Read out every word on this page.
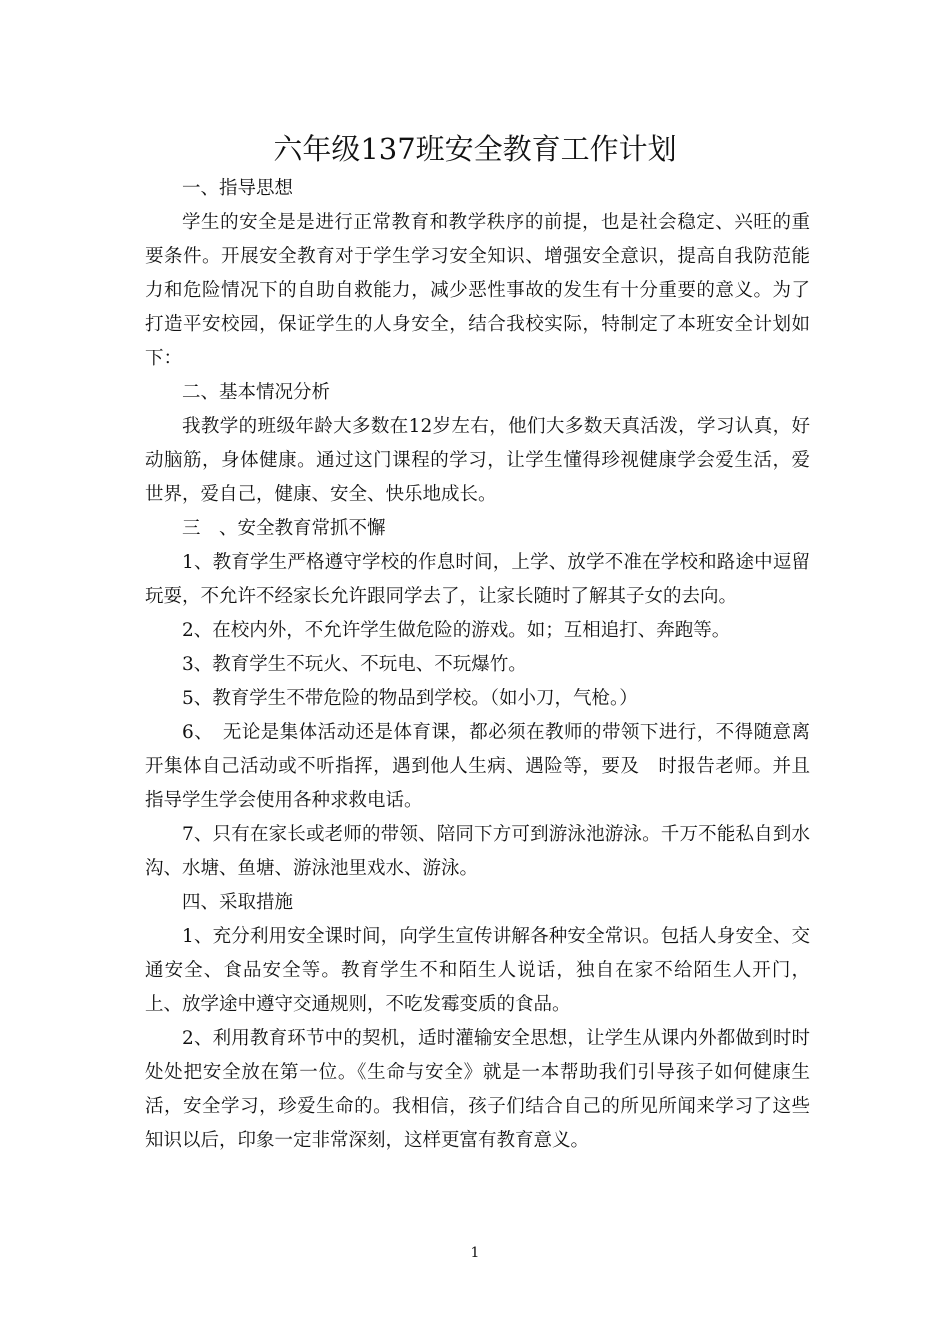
六年级137班安全教育工作计划

一、指导思想

学生的安全是是进行正常教育和教学秩序的前提，也是社会稳定、兴旺的重要条件。开展安全教育对于学生学习安全知识、增强安全意识，提高自我防范能力和危险情况下的自助自救能力，减少恶性事故的发生有十分重要的意义。为了打造平安校园，保证学生的人身安全，结合我校实际，特制定了本班安全计划如下：

二、基本情况分析

我教学的班级年龄大多数在12岁左右，他们大多数天真活泼，学习认真，好动脑筋，身体健康。通过这门课程的学习，让学生懂得珍视健康学会爱生活，爱世界，爱自己，健康、安全、快乐地成长。

三　、安全教育常抓不懈

1、教育学生严格遵守学校的作息时间，上学、放学不准在学校和路途中逗留玩耍，不允许不经家长允许跟同学去了，让家长随时了解其子女的去向。

2、在校内外，不允许学生做危险的游戏。如；互相追打、奔跑等。

3、教育学生不玩火、不玩电、不玩爆竹。

5、教育学生不带危险的物品到学校。（如小刀，气枪。）

6、　无论是集体活动还是体育课，都必须在教师的带领下进行，不得随意离开集体自己活动或不听指挥，遇到他人生病、遇险等，要及　时报告老师。并且指导学生学会使用各种求救电话。

7、只有在家长或老师的带领、陪同下方可到游泳池游泳。千万不能私自到水沟、水塘、鱼塘、游泳池里戏水、游泳。

四、采取措施

1、充分利用安全课时间，向学生宣传讲解各种安全常识。包括人身安全、交通安全、食品安全等。教育学生不和陌生人说话，独自在家不给陌生人开门，上、放学途中遵守交通规则，不吃发霉变质的食品。

2、利用教育环节中的契机，适时灌输安全思想，让学生从课内外都做到时时处处把安全放在第一位。《生命与安全》就是一本帮助我们引导孩子如何健康生活，安全学习，珍爱生命的。我相信，孩子们结合自己的所见所闻来学习了这些知识以后，印象一定非常深刻，这样更富有教育意义。

1
